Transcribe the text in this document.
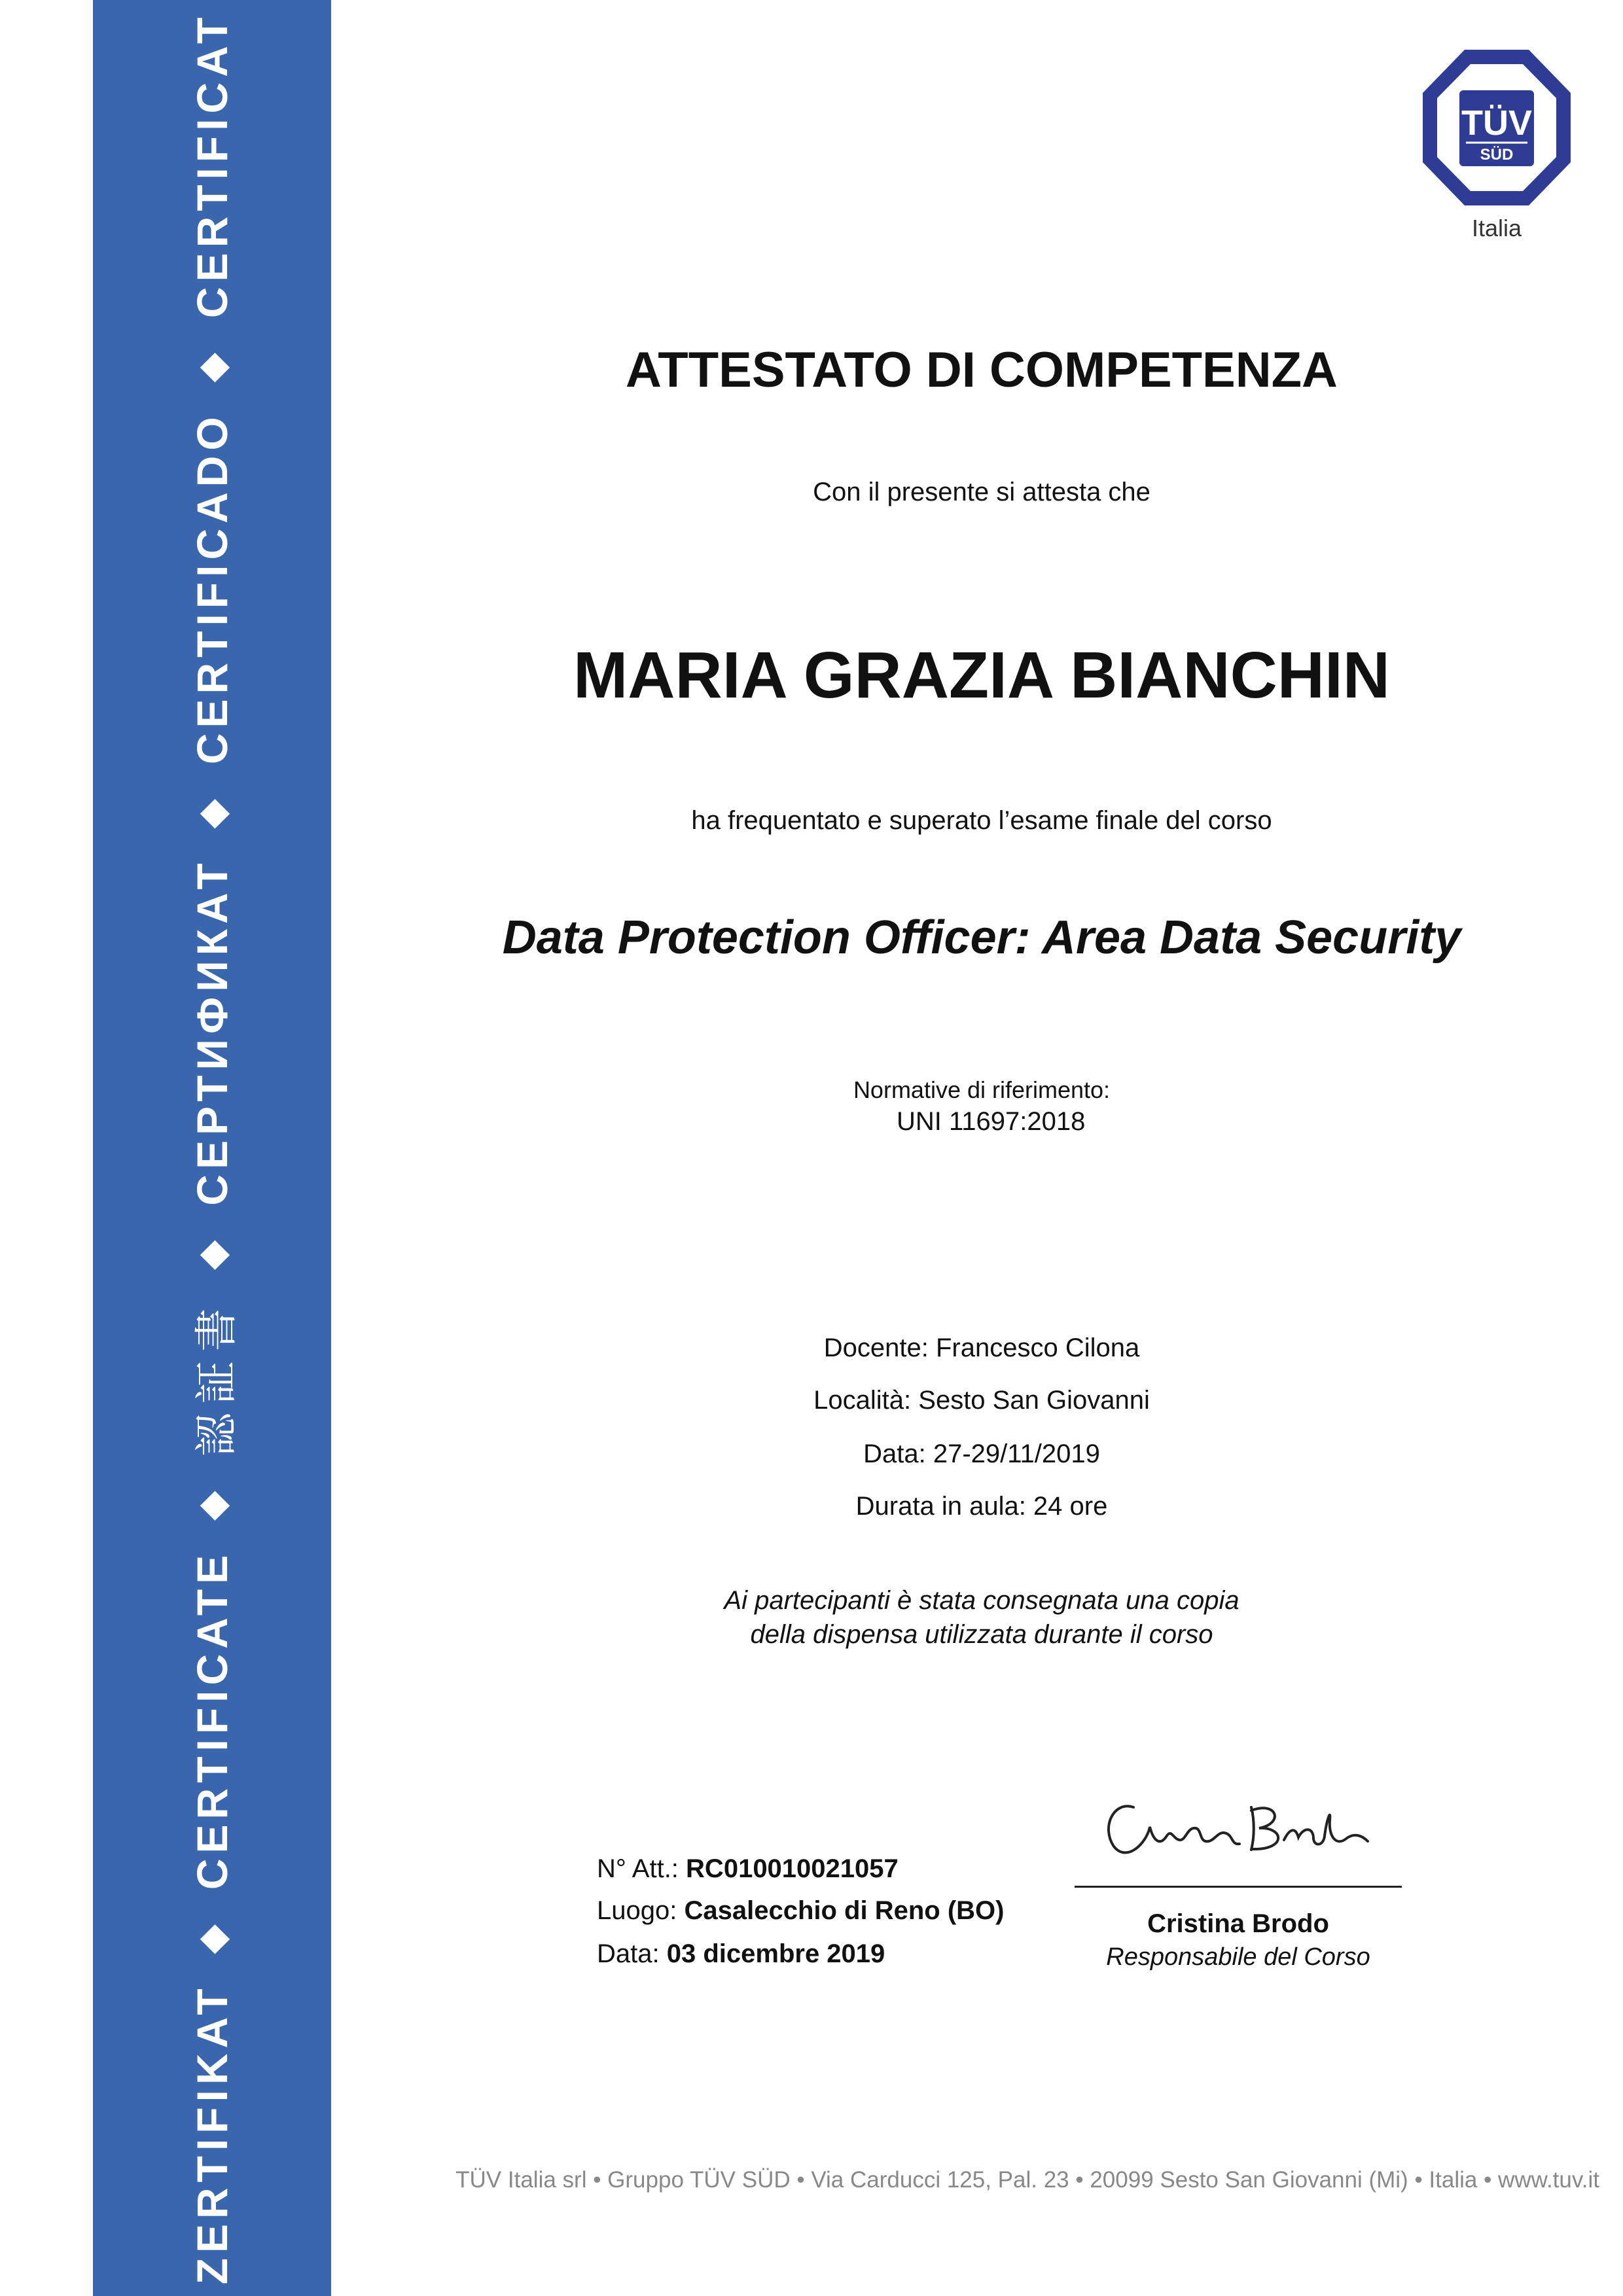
ZERTIFIKAT
◆
CERTIFICATE
◆
認証書
◆
СЕРТИФИКАТ
◆
CERTIFICADO
◆
CERTIFICAT	TÜV
SÜD
Italia
ATTESTATO DI COMPETENZA
Con il presente si attesta che
MARIA GRAZIA BIANCHIN
ha frequentato e superato l’esame finale del corso
Data Protection Officer: Area Data Security
Normative di riferimento:
UNI 11697:2018
Docente: Francesco Cilona
Località: Sesto San Giovanni
Data: 27-29/11/2019
Durata in aula: 24 ore
Ai partecipanti è stata consegnata una copia
della dispensa utilizzata durante il corso
N° Att.: RC010010021057
Luogo: Casalecchio di Reno (BO)
Data: 03 dicembre 2019
Cristina Brodo
Responsabile del Corso
TÜV Italia srl • Gruppo TÜV SÜD • Via Carducci 125, Pal. 23 • 20099 Sesto San Giovanni (Mi) • Italia • www.tuv.it
